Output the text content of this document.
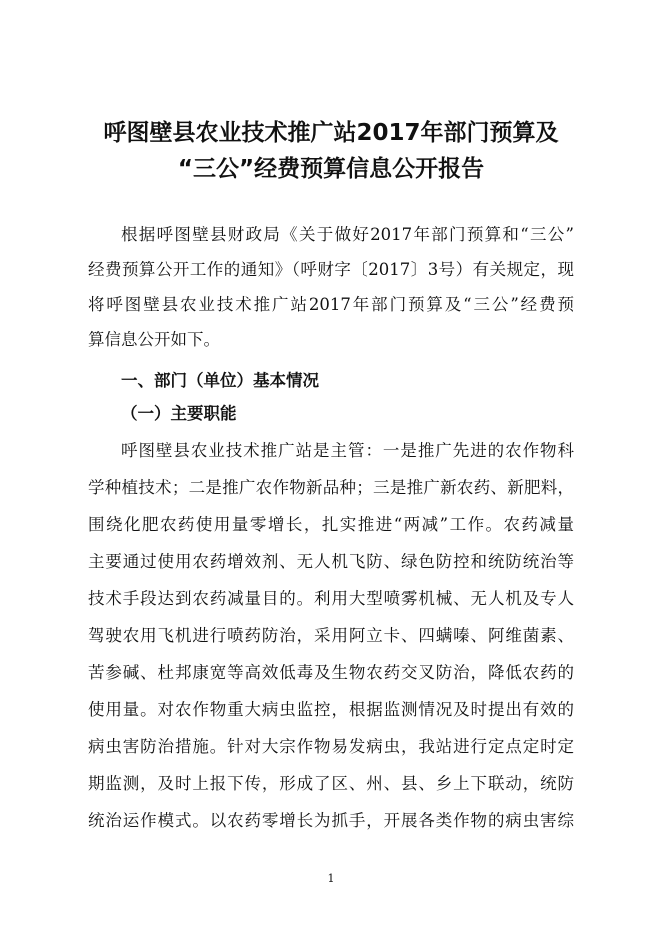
呼图壁县农业技术推广站2017年部门预算及
“三公”经费预算信息公开报告
根据呼图壁县财政局《关于做好2017年部门预算和“三公”
经费预算公开工作的通知》（呼财字〔2017〕3号）有关规定，现
将呼图壁县农业技术推广站2017年部门预算及“三公”经费预
算信息公开如下。
一、部门（单位）基本情况
（一）主要职能
呼图壁县农业技术推广站是主管：一是推广先进的农作物科
学种植技术；二是推广农作物新品种；三是推广新农药、新肥料，
围绕化肥农药使用量零增长，扎实推进“两减”工作。农药减量
主要通过使用农药增效剂、无人机飞防、绿色防控和统防统治等
技术手段达到农药减量目的。利用大型喷雾机械、无人机及专人
驾驶农用飞机进行喷药防治，采用阿立卡、四螨嗪、阿维菌素、
苦参碱、杜邦康宽等高效低毒及生物农药交叉防治，降低农药的
使用量。对农作物重大病虫监控，根据监测情况及时提出有效的
病虫害防治措施。针对大宗作物易发病虫，我站进行定点定时定
期监测，及时上报下传，形成了区、州、县、乡上下联动，统防
统治运作模式。以农药零增长为抓手，开展各类作物的病虫害综
1
